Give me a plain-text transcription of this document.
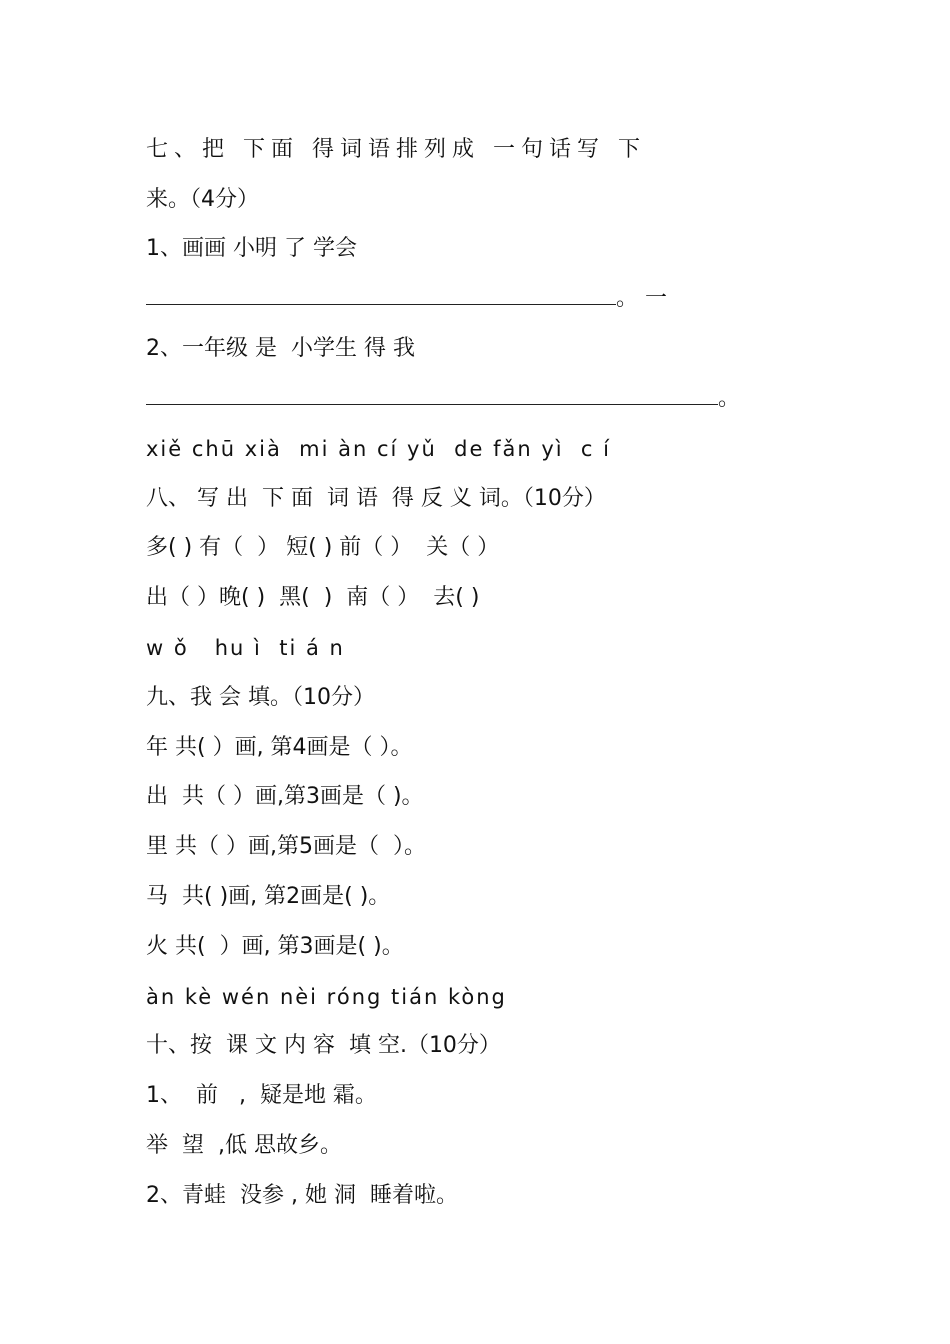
七、把 下面 得词语排列成 一句话写 下
来。（4分）
1、画画 小明 了 学会
。 一
2、一年级 是  小学生 得 我
。
xiě chū xià  mi àn cí yǔ  de fǎn yì  c í
八、 写 出  下 面  词 语  得 反 义 词。（10分）
多( ) 有（  ） 短( ) 前（ ）  关（ ）
出（ ）晚( )  黑(  )  南（ ）  去( )
w ǒ   hu ì  ti á n
九、我 会 填。（10分）
年 共( ）画, 第4画是（ ）。
出  共（ ）画,第3画是（ )。
里 共（ ）画,第5画是（  ）。
马  共( )画, 第2画是( )。
火 共(  ）画, 第3画是( )。
àn kè wén nèi róng tián kòng
十、按  课 文 内 容  填 空.（10分）
1、  前   ,  疑是地 霜。
举  望  ,低 思故乡。
2、青蛙  没参 , 她 洞  睡着啦。
